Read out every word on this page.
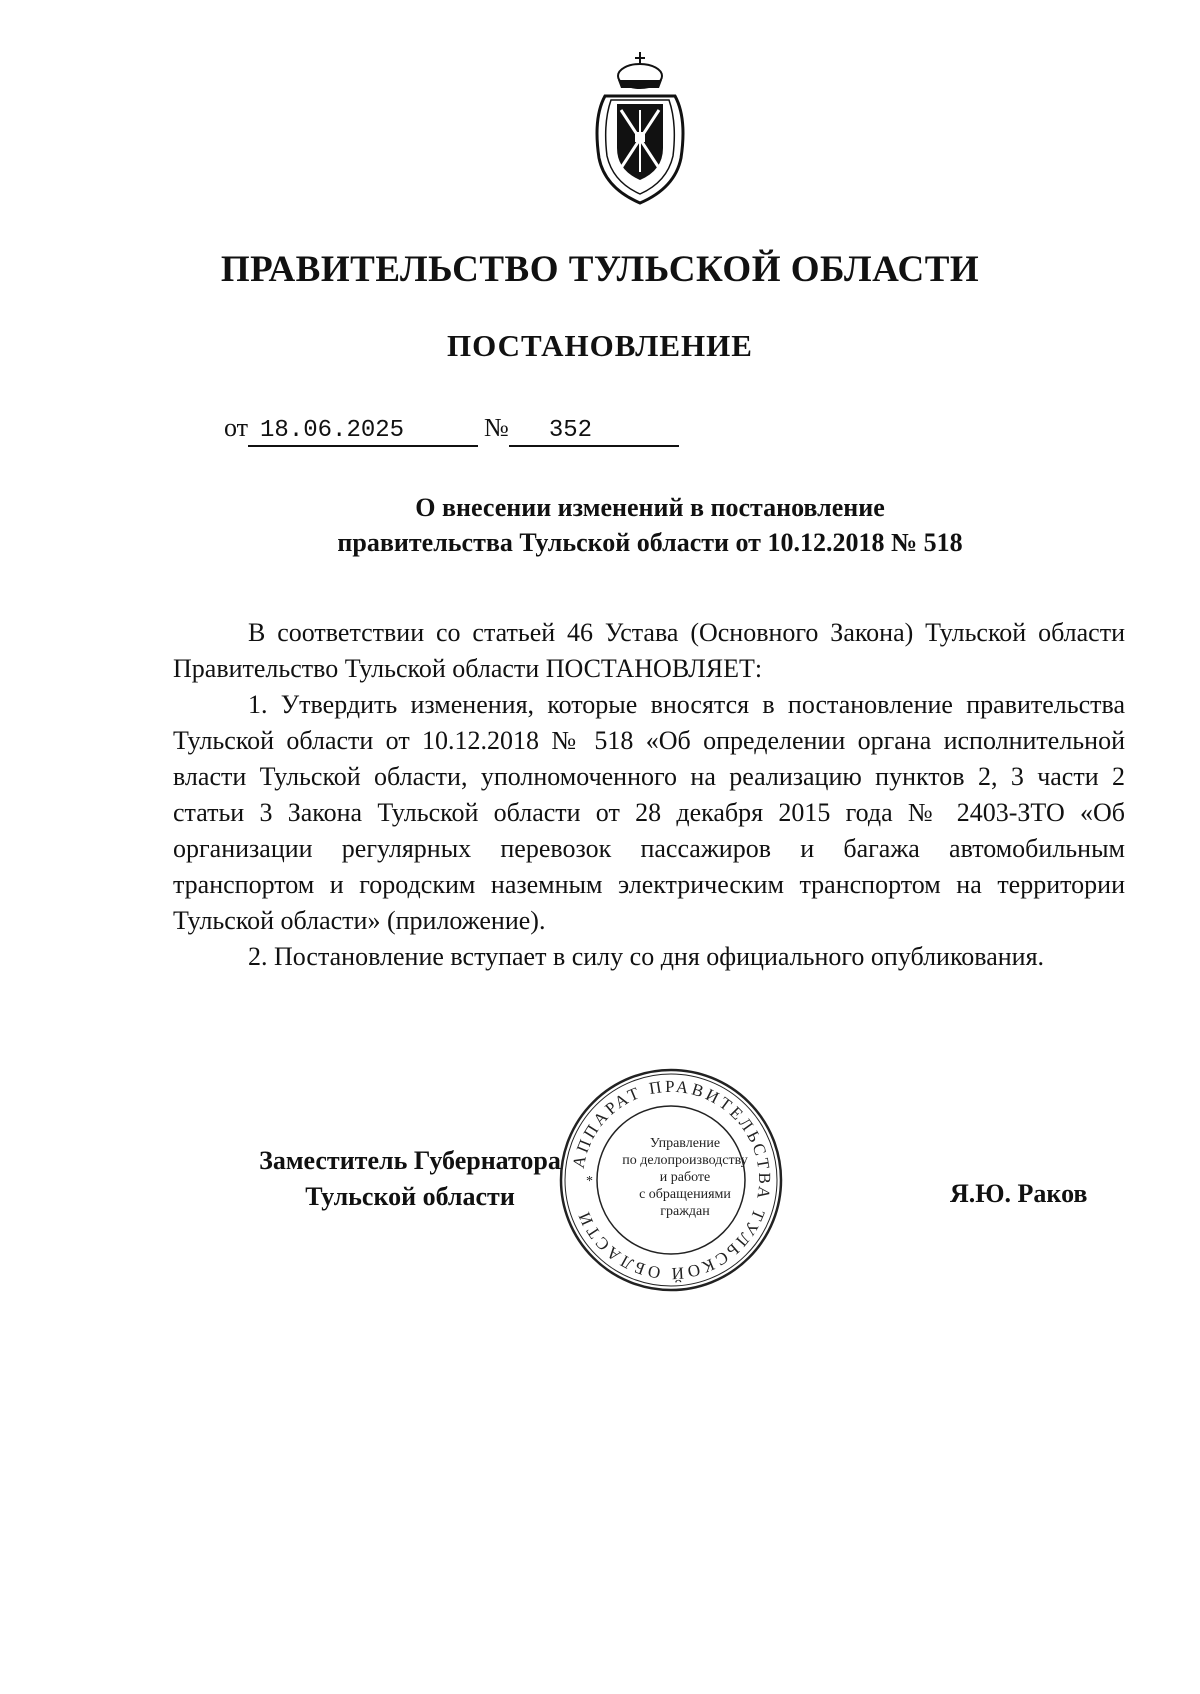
ПРАВИТЕЛЬСТВО ТУЛЬСКОЙ ОБЛАСТИ
ПОСТАНОВЛЕНИЕ
от 18.06.2025	№ 352
О внесении изменений в постановление
правительства Тульской области от 10.12.2018 № 518

В соответствии со статьей 46 Устава (Основного Закона) Тульской области Правительство Тульской области ПОСТАНОВЛЯЕТ:

1. Утвердить изменения, которые вносятся в постановление правительства Тульской области от 10.12.2018 № 518 «Об определении органа исполнительной власти Тульской области, уполномоченного на реализацию пунктов 2, 3 части 2 статьи 3 Закона Тульской области от 28 декабря 2015 года № 2403-ЗТО «Об организации регулярных перевозок пассажиров и багажа автомобильным транспортом и городским наземным электрическим транспортом на территории Тульской области» (приложение).

2. Постановление вступает в силу со дня официального опубликования.

АППАРАТ ПРАВИТЕЛЬСТВА ТУЛЬСКОЙ ОБЛАСТИ
*
Управление
по делопроизводству
и работе
с обращениями
граждан
Заместитель Губернатора
Тульской области	Я.Ю. Раков
